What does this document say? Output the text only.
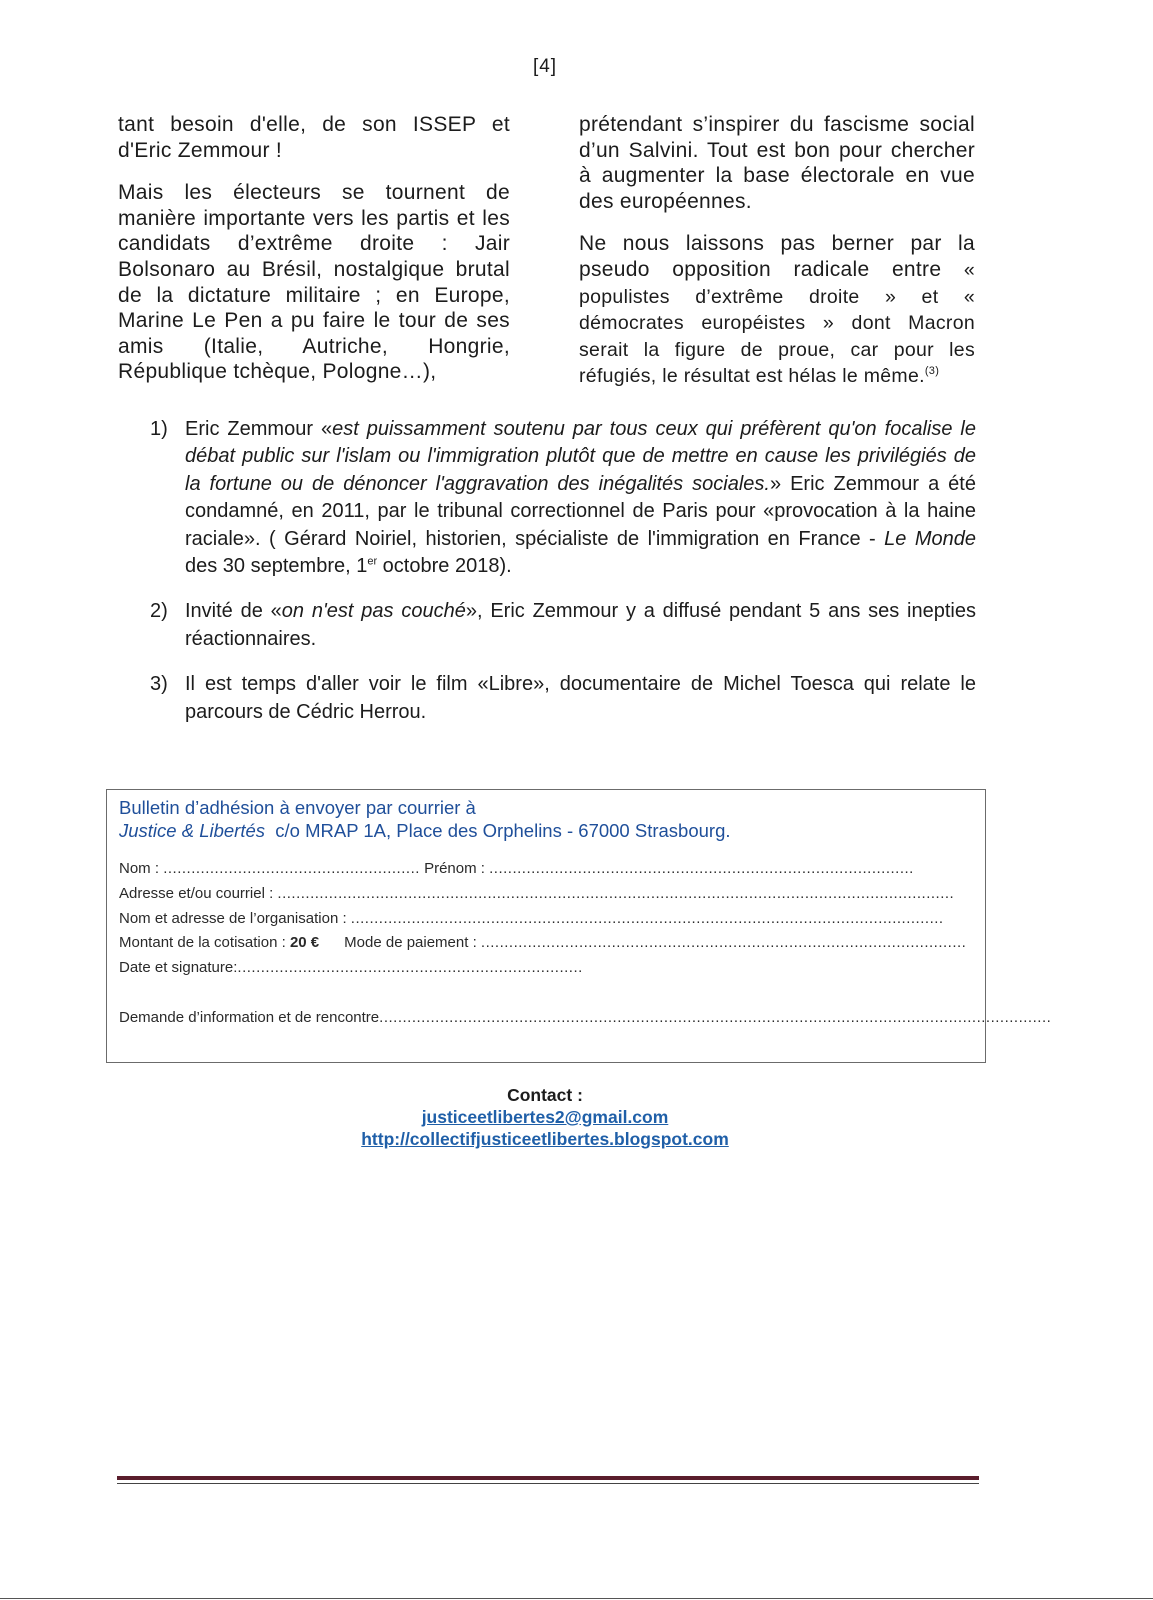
[4]

tant besoin d'elle, de son ISSEP et d'Eric Zemmour !

Mais les électeurs se tournent de manière importante vers les partis et les candidats d’extrême droite : Jair Bolsonaro au Brésil, nostalgique brutal de la dictature militaire ; en Europe, Marine Le Pen a pu faire le tour de ses amis (Italie, Autriche, Hongrie, République tchèque, Pologne…),

prétendant s’inspirer du fascisme social d’un Salvini. Tout est bon pour chercher à augmenter la base électorale en vue des européennes.

Ne nous laissons pas berner par la pseudo opposition radicale entre « populistes d’extrême droite » et « démocrates européistes » dont Macron serait la figure de proue, car pour les réfugiés, le résultat est hélas le même.$^{(3)}$

1) Eric Zemmour «est puissamment soutenu par tous ceux qui préfèrent qu'on focalise le débat public sur l'islam ou l'immigration plutôt que de mettre en cause les privilégiés de la fortune ou de dénoncer l'aggravation des inégalités sociales.» Eric Zemmour a été condamné, en 2011, par le tribunal correctionnel de Paris pour «provocation à la haine raciale». ( Gérard Noiriel, historien, spécialiste de l'immigration en France - Le Monde des 30 septembre, 1er octobre 2018).
2) Invité de «on n'est pas couché», Eric Zemmour y a diffusé pendant 5 ans ses inepties réactionnaires.
3) Il est temps d'aller voir le film «Libre», documentaire de Michel Toesca qui relate le parcours de Cédric Herrou.
Bulletin d’adhésion à envoyer par courrier à
Justice & Libertés c/o MRAP 1A, Place des Orphelins - 67000 Strasbourg.
Nom : ....................................................... Prénom : ...........................................................................................
Adresse et/ou courriel : .................................................................................................................................................
Nom et adresse de l’organisation : ...............................................................................................................................
Montant de la cotisation : 20 € Mode de paiement : ........................................................................................................
Date et signature:..........................................................................
Demande d’information et de rencontre................................................................................................................................................
Contact :
justiceetlibertes2@gmail.com
http://collectifjusticeetlibertes.blogspot.com
